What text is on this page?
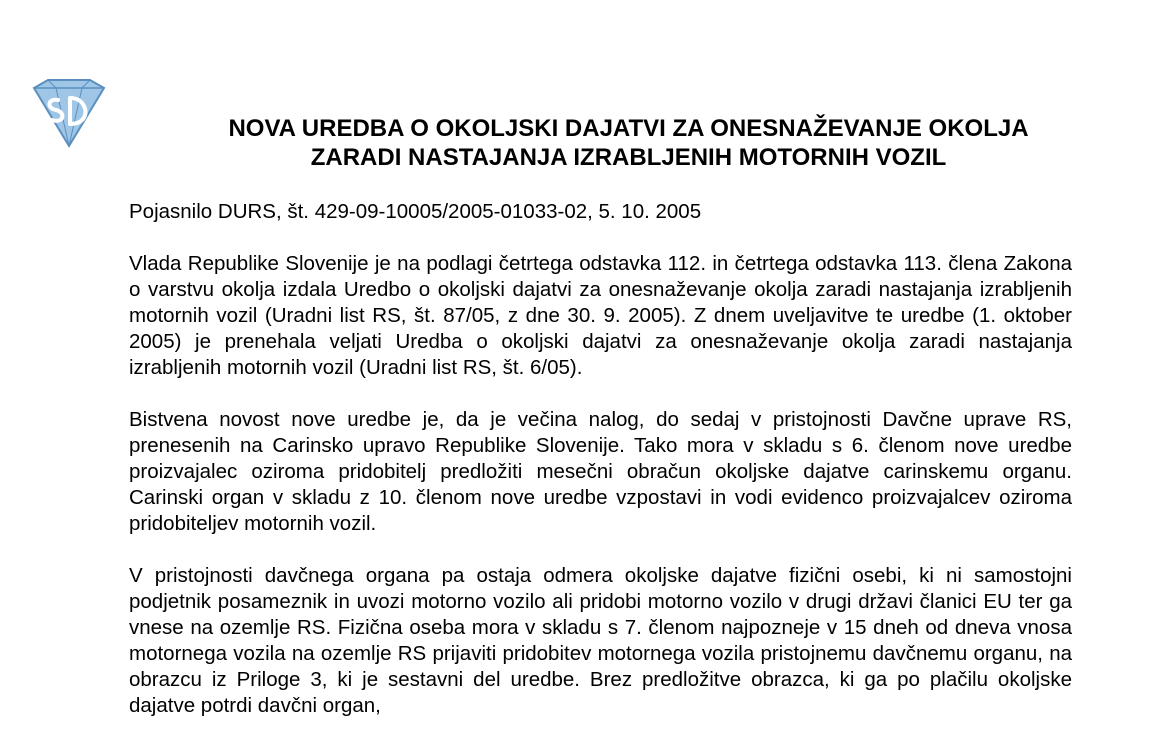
NOVA UREDBA O OKOLJSKI DAJATVI ZA ONESNAŽEVANJE OKOLJA
ZARADI NASTAJANJA IZRABLJENIH MOTORNIH VOZIL

Pojasnilo DURS, št. 429-09-10005/2005-01033-02, 5. 10. 2005

Vlada Republike Slovenije je na podlagi četrtega odstavka 112. in četrtega odstavka 113. člena Zakona o varstvu okolja izdala Uredbo o okoljski dajatvi za onesnaževanje okolja zaradi nastajanja izrabljenih motornih vozil (Uradni list RS, št. 87/05, z dne 30. 9. 2005). Z dnem uveljavitve te uredbe (1. oktober 2005) je prenehala veljati Uredba o okoljski dajatvi za onesnaževanje okolja zaradi nastajanja izrabljenih motornih vozil (Uradni list RS, št. 6/05).

Bistvena novost nove uredbe je, da je večina nalog, do sedaj v pristojnosti Davčne uprave RS, prenesenih na Carinsko upravo Republike Slovenije. Tako mora v skladu s 6. členom nove uredbe proizvajalec oziroma pridobitelj predložiti mesečni obračun okoljske dajatve carinskemu organu. Carinski organ v skladu z 10. členom nove uredbe vzpostavi in vodi evidenco proizvajalcev oziroma pridobiteljev motornih vozil.

V pristojnosti davčnega organa pa ostaja odmera okoljske dajatve fizični osebi, ki ni samostojni podjetnik posameznik in uvozi motorno vozilo ali pridobi motorno vozilo v drugi državi članici EU ter ga vnese na ozemlje RS. Fizična oseba mora v skladu s 7. členom najpozneje v 15 dneh od dneva vnosa motornega vozila na ozemlje RS prijaviti pridobitev motornega vozila pristojnemu davčnemu organu, na obrazcu iz Priloge 3, ki je sestavni del uredbe. Brez predložitve obrazca, ki ga po plačilu okoljske dajatve potrdi davčni organ,
